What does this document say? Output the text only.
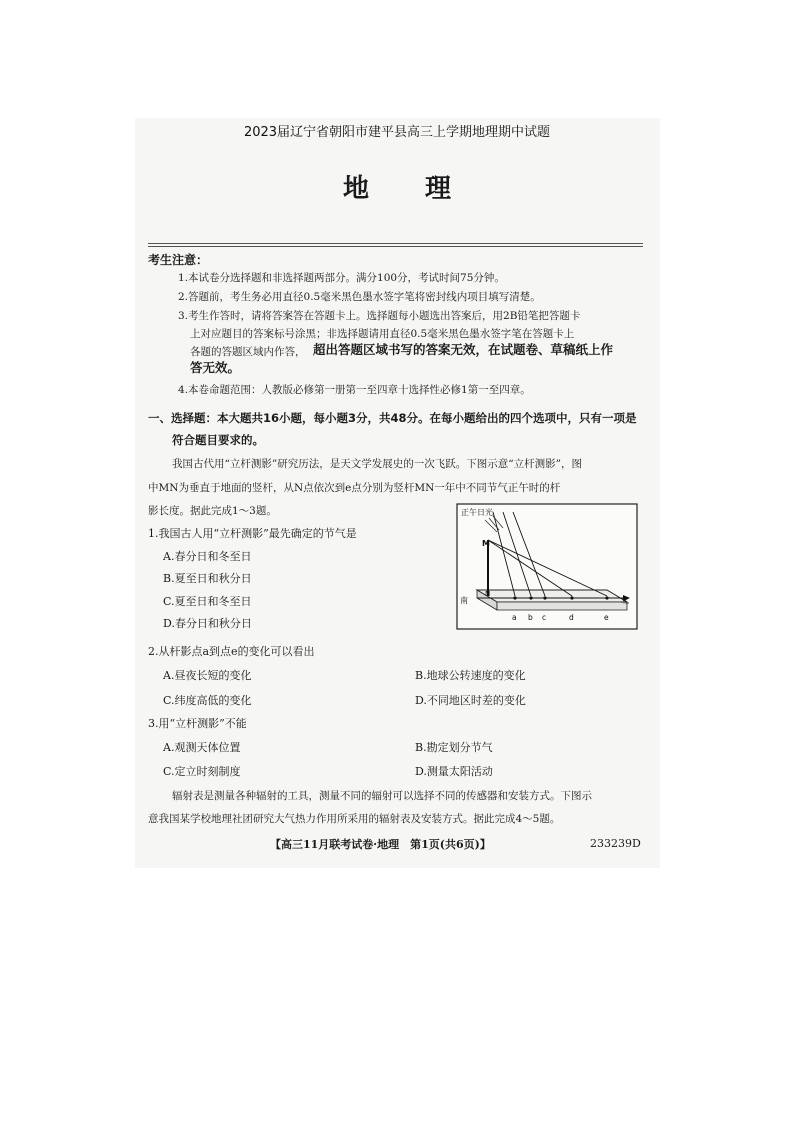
2023届辽宁省朝阳市建平县高三上学期地理期中试题
地理
考生注意：
1.本试卷分选择题和非选择题两部分。满分100分，考试时间75分钟。
2.答题前，考生务必用直径0.5毫米黑色墨水签字笔将密封线内项目填写清楚。
3.考生作答时，请将答案答在答题卡上。选择题每小题选出答案后，用2B铅笔把答题卡
上对应题目的答案标号涂黑；非选择题请用直径0.5毫米黑色墨水签字笔在答题卡上
各题的答题区域内作答， 超出答题区域书写的答案无效，在试题卷、草稿纸上作
答无效。
4.本卷命题范围：人教版必修第一册第一至四章十选择性必修1第一至四章。
一、选择题：本大题共16小题，每小题3分，共48分。在每小题给出的四个选项中，只有一项是
符合题目要求的。
我国古代用“立杆测影”研究历法，是天文学发展史的一次飞跃。下图示意“立杆测影”，图
中MN为垂直于地面的竖杆，从N点依次到e点分别为竖杆MN一年中不同节气正午时的杆
影长度。据此完成1～3题。
1.我国古人用“立杆测影”最先确定的节气是
A.春分日和冬至日
B.夏至日和秋分日
C.夏至日和冬至日
D.春分日和秋分日
正午日光
M
N
南	北
a b c	d	e
2.从杆影点a到点e的变化可以看出
A.昼夜长短的变化	B.地球公转速度的变化
C.纬度高低的变化	D.不同地区时差的变化
3.用“立杆测影”不能
A.观测天体位置	B.勘定划分节气
C.定立时刻制度	D.测量太阳活动
辐射表是测量各种辐射的工具，测量不同的辐射可以选择不同的传感器和安装方式。下图示
意我国某学校地理社团研究大气热力作用所采用的辐射表及安装方式。据此完成4～5题。
【高三11月联考试卷·地理　第1页(共6页)】	233239D
